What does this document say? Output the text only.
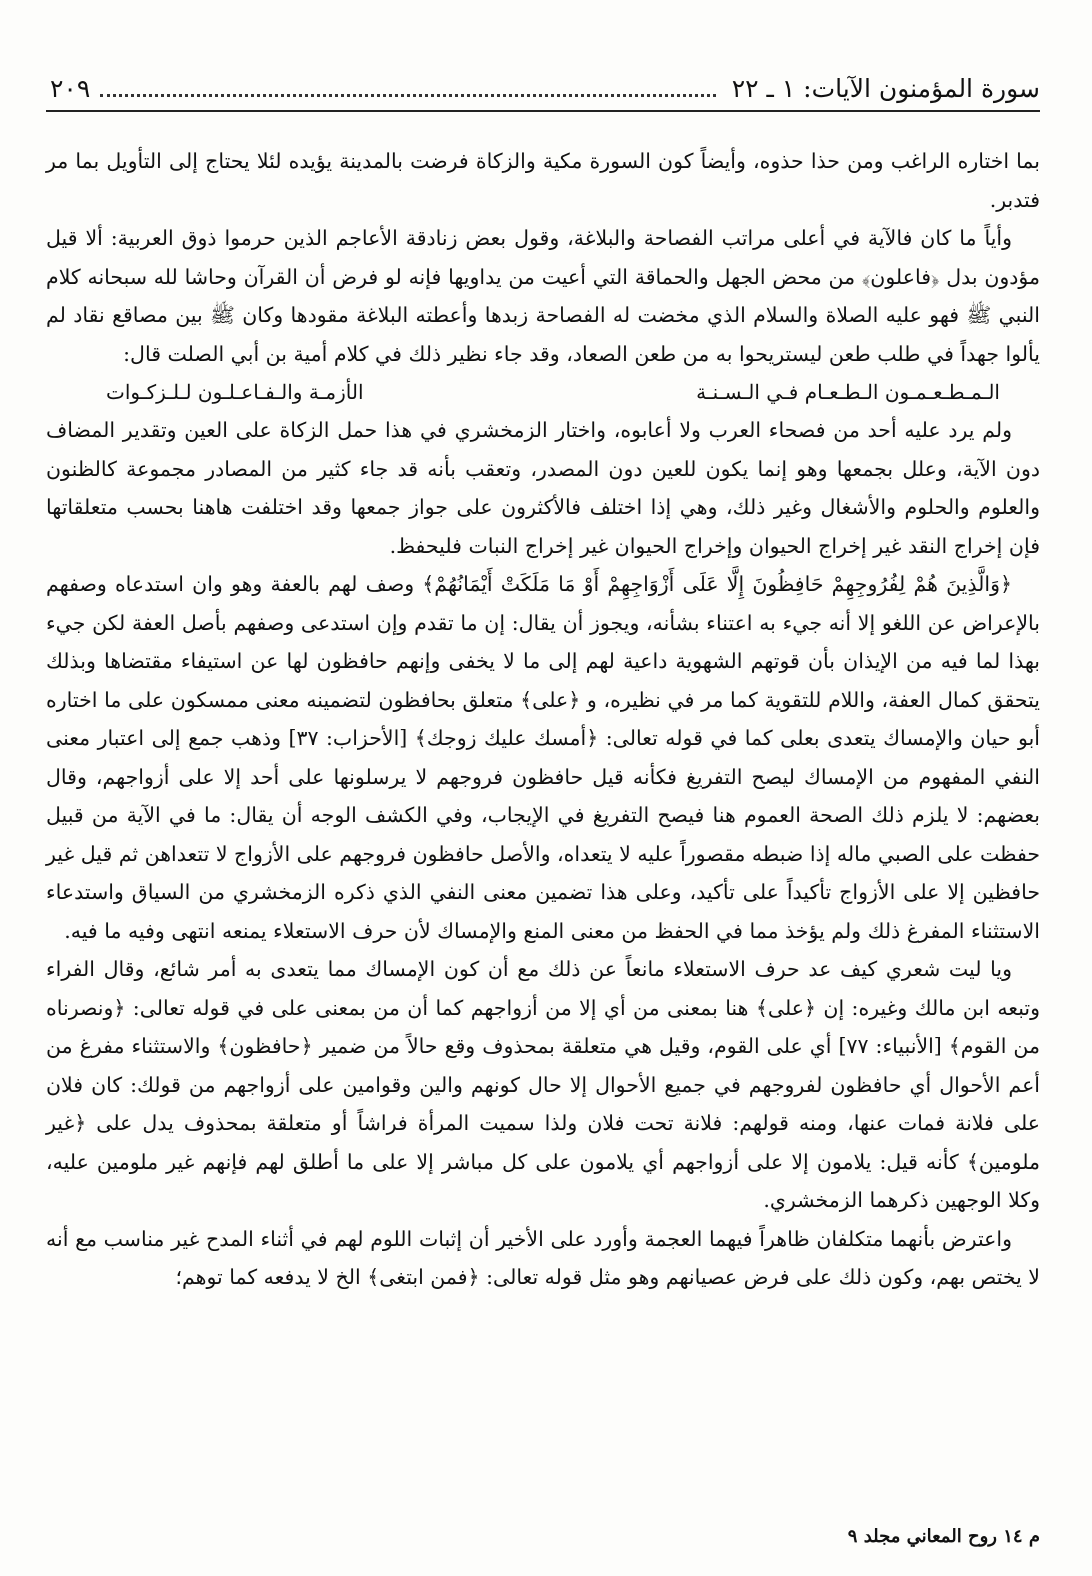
سورة المؤمنون الآيات: ١ ـ ٢٢
٢٠٩

بما اختاره الراغب ومن حذا حذوه، وأيضاً كون السورة مكية والزكاة فرضت بالمدينة يؤيده لئلا يحتاج إلى التأويل بما مر فتدبر.

وأياً ما كان فالآية في أعلى مراتب الفصاحة والبلاغة، وقول بعض زنادقة الأعاجم الذين حرموا ذوق العربية: ألا قيل مؤدون بدل ﴿فاعلون﴾ من محض الجهل والحماقة التي أعيت من يداويها فإنه لو فرض أن القرآن وحاشا لله سبحانه كلام النبي ﷺ فهو عليه الصلاة والسلام الذي مخضت له الفصاحة زبدها وأعطته البلاغة مقودها وكان ﷺ بين مصاقع نقاد لم يألوا جهداً في طلب طعن ليستريحوا به من طعن الصعاد، وقد جاء نظير ذلك في كلام أمية بن أبي الصلت قال:

الـمـطـعـمـون الـطـعـام فـي الـسـنـة
الأزمـة والـفـاعـلـون لـلـزكـوات

ولم يرد عليه أحد من فصحاء العرب ولا أعابوه، واختار الزمخشري في هذا حمل الزكاة على العين وتقدير المضاف دون الآية، وعلل بجمعها وهو إنما يكون للعين دون المصدر، وتعقب بأنه قد جاء كثير من المصادر مجموعة كالظنون والعلوم والحلوم والأشغال وغير ذلك، وهي إذا اختلف فالأكثرون على جواز جمعها وقد اختلفت هاهنا بحسب متعلقاتها فإن إخراج النقد غير إخراج الحيوان وإخراج الحيوان غير إخراج النبات فليحفظ.

﴿وَالَّذِينَ هُمْ لِفُرُوجِهِمْ حَافِظُونَ إِلَّا عَلَى أَزْوَاجِهِمْ أَوْ مَا مَلَكَتْ أَيْمَانُهُمْ﴾ وصف لهم بالعفة وهو وان استدعاه وصفهم بالإعراض عن اللغو إلا أنه جيء به اعتناء بشأنه، ويجوز أن يقال: إن ما تقدم وإن استدعى وصفهم بأصل العفة لكن جيء بهذا لما فيه من الإيذان بأن قوتهم الشهوية داعية لهم إلى ما لا يخفى وإنهم حافظون لها عن استيفاء مقتضاها وبذلك يتحقق كمال العفة، واللام للتقوية كما مر في نظيره، و ﴿على﴾ متعلق بحافظون لتضمينه معنى ممسكون على ما اختاره أبو حيان والإمساك يتعدى بعلى كما في قوله تعالى: ﴿أمسك عليك زوجك﴾ [الأحزاب: ٣٧] وذهب جمع إلى اعتبار معنى النفي المفهوم من الإمساك ليصح التفريغ فكأنه قيل حافظون فروجهم لا يرسلونها على أحد إلا على أزواجهم، وقال بعضهم: لا يلزم ذلك الصحة العموم هنا فيصح التفريغ في الإيجاب، وفي الكشف الوجه أن يقال: ما في الآية من قبيل حفظت على الصبي ماله إذا ضبطه مقصوراً عليه لا يتعداه، والأصل حافظون فروجهم على الأزواج لا تتعداهن ثم قيل غير حافظين إلا على الأزواج تأكيداً على تأكيد، وعلى هذا تضمين معنى النفي الذي ذكره الزمخشري من السياق واستدعاء الاستثناء المفرغ ذلك ولم يؤخذ مما في الحفظ من معنى المنع والإمساك لأن حرف الاستعلاء يمنعه انتهى وفيه ما فيه.

ويا ليت شعري كيف عد حرف الاستعلاء مانعاً عن ذلك مع أن كون الإمساك مما يتعدى به أمر شائع، وقال الفراء وتبعه ابن مالك وغيره: إن ﴿على﴾ هنا بمعنى من أي إلا من أزواجهم كما أن من بمعنى على في قوله تعالى: ﴿ونصرناه من القوم﴾ [الأنبياء: ٧٧] أي على القوم، وقيل هي متعلقة بمحذوف وقع حالاً من ضمير ﴿حافظون﴾ والاستثناء مفرغ من أعم الأحوال أي حافظون لفروجهم في جميع الأحوال إلا حال كونهم والين وقوامين على أزواجهم من قولك: كان فلان على فلانة فمات عنها، ومنه قولهم: فلانة تحت فلان ولذا سميت المرأة فراشاً أو متعلقة بمحذوف يدل على ﴿غير ملومين﴾ كأنه قيل: يلامون إلا على أزواجهم أي يلامون على كل مباشر إلا على ما أطلق لهم فإنهم غير ملومين عليه، وكلا الوجهين ذكرهما الزمخشري.

واعترض بأنهما متكلفان ظاهراً فيهما العجمة وأورد على الأخير أن إثبات اللوم لهم في أثناء المدح غير مناسب مع أنه لا يختص بهم، وكون ذلك على فرض عصيانهم وهو مثل قوله تعالى: ﴿فمن ابتغى﴾ الخ لا يدفعه كما توهم؛

م ١٤ روح المعاني مجلد ٩
